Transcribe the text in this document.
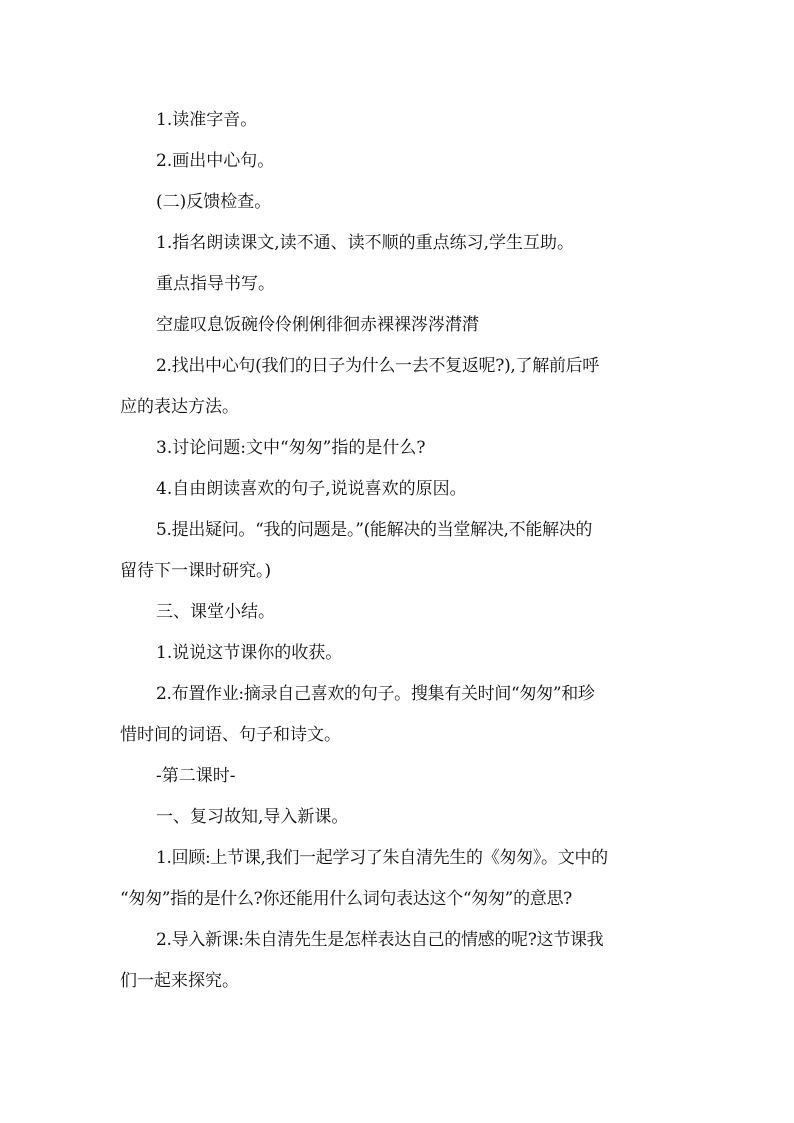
1.读准字音。
2.画出中心句。
(二)反馈检查。
1.指名朗读课文,读不通、读不顺的重点练习,学生互助。
重点指导书写。
空虚叹息饭碗伶伶俐俐徘徊赤裸裸涔涔潸潸
2.找出中心句(我们的日子为什么一去不复返呢?),了解前后呼
应的表达方法。
3.讨论问题:文中“匆匆”指的是什么?
4.自由朗读喜欢的句子,说说喜欢的原因。
5.提出疑问。“我的问题是。”(能解决的当堂解决,不能解决的
留待下一课时研究。)
三、课堂小结。
1.说说这节课你的收获。
2.布置作业:摘录自己喜欢的句子。搜集有关时间“匆匆”和珍
惜时间的词语、句子和诗文。
-第二课时-
一、复习故知,导入新课。
1.回顾:上节课,我们一起学习了朱自清先生的《匆匆》。文中的
“匆匆”指的是什么?你还能用什么词句表达这个“匆匆”的意思?
2.导入新课:朱自清先生是怎样表达自己的情感的呢?这节课我
们一起来探究。
